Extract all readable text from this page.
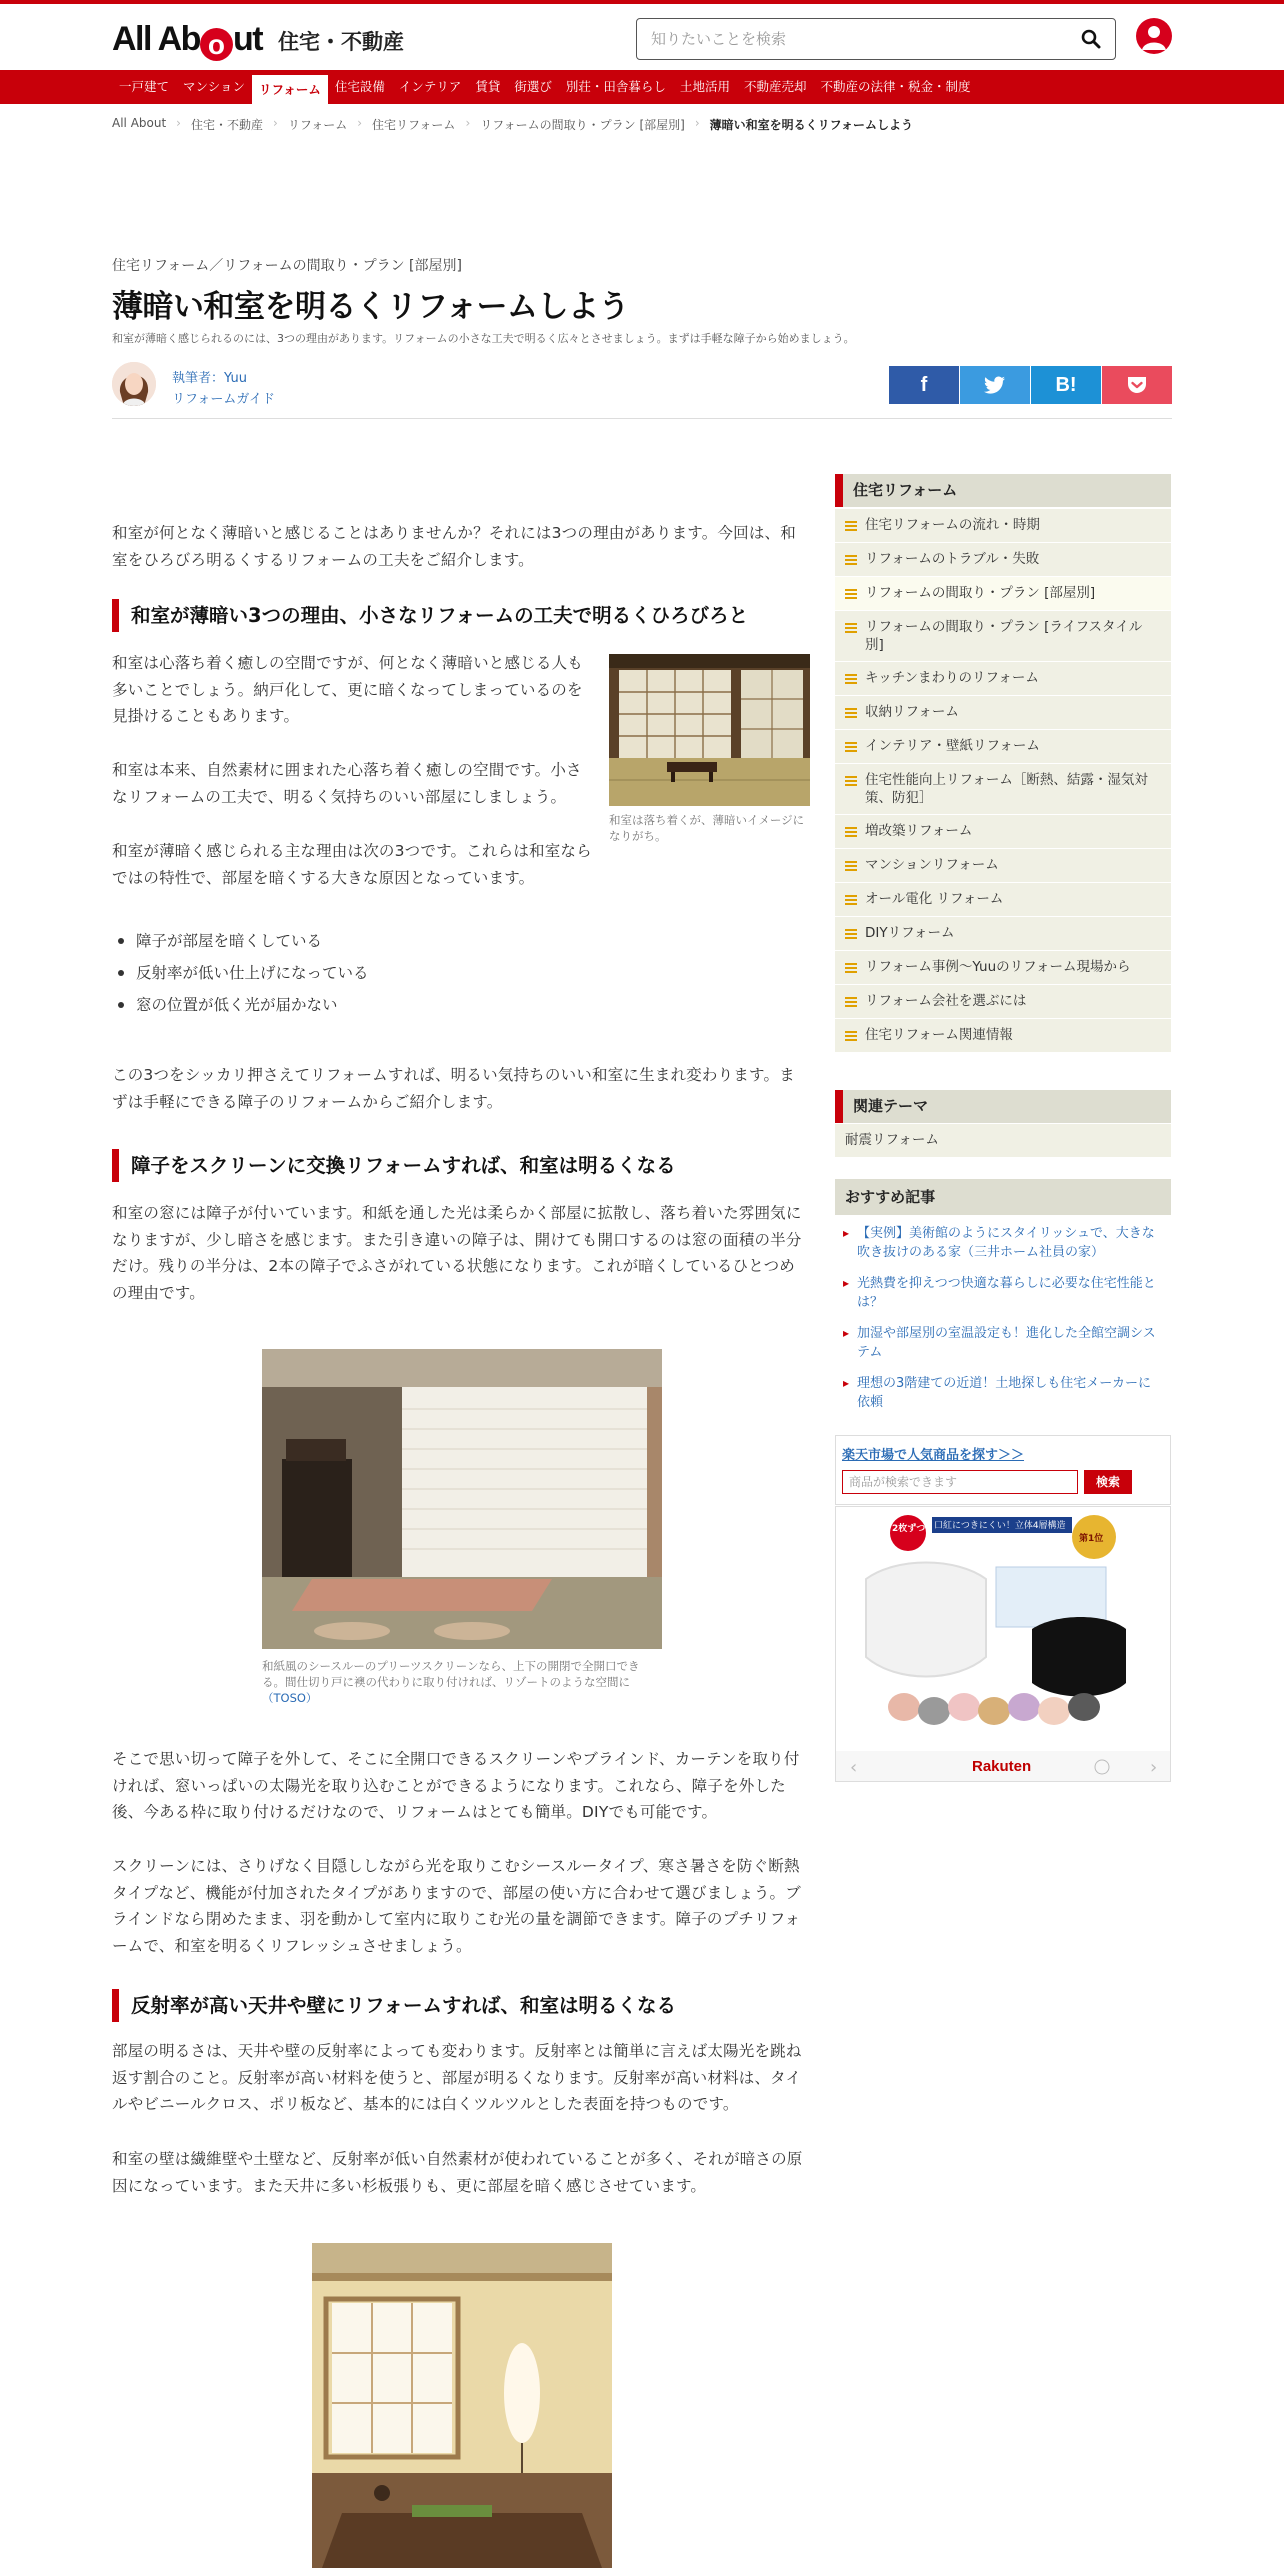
All Ab o ut 住宅・不動産
知りたいことを検索
一戸建て	マンション	リフォーム	住宅設備	インテリア	賃貸	街選び	別荘・田舎暮らし	土地活用	不動産売却	不動産の法律・税金・制度
All About › 住宅・不動産 › リフォーム › 住宅リフォーム › リフォームの間取り・プラン [部屋別] › 薄暗い和室を明るくリフォームしよう
住宅リフォーム／リフォームの間取り・プラン [部屋別]
薄暗い和室を明るくリフォームしよう
和室が薄暗く感じられるのには、3つの理由があります。リフォームの小さな工夫で明るく広々とさせましょう。まずは手軽な障子から始めましょう。
執筆者：Yuu
リフォームガイド
f	B!

和室が何となく薄暗いと感じることはありませんか？それには3つの理由があります。今回は、和室をひろびろ明るくするリフォームの工夫をご紹介します。

和室が薄暗い3つの理由、小さなリフォームの工夫で明るくひろびろと

和室は心落ち着く癒しの空間ですが、何となく薄暗いと感じる人も多いことでしょう。納戸化して、更に暗くなってしまっているのを見掛けることもあります。

和室は本来、自然素材に囲まれた心落ち着く癒しの空間です。小さなリフォームの工夫で、明るく気持ちのいい部屋にしましょう。

和室が薄暗く感じられる主な理由は次の3つです。これらは和室ならではの特性で、部屋を暗くする大きな原因となっています。

和室は落ち着くが、薄暗いイメージになりがち。
障子が部屋を暗くしている
反射率が低い仕上げになっている
窓の位置が低く光が届かない

この3つをシッカリ押さえてリフォームすれば、明るい気持ちのいい和室に生まれ変わります。まずは手軽にできる障子のリフォームからご紹介します。

障子をスクリーンに交換リフォームすれば、和室は明るくなる

和室の窓には障子が付いています。和紙を通した光は柔らかく部屋に拡散し、落ち着いた雰囲気になりますが、少し暗さを感じます。また引き違いの障子は、開けても開口するのは窓の面積の半分だけ。残りの半分は、2本の障子でふさがれている状態になります。これが暗くしているひとつめの理由です。

和紙風のシースルーのプリーツスクリーンなら、上下の開閉で全開口できる。間仕切り戸に襖の代わりに取り付ければ、リゾートのような空間に（TOSO）

そこで思い切って障子を外して、そこに全開口できるスクリーンやブラインド、カーテンを取り付ければ、窓いっぱいの太陽光を取り込むことができるようになります。これなら、障子を外した後、今ある枠に取り付けるだけなので、リフォームはとても簡単。DIYでも可能です。

スクリーンには、さりげなく目隠ししながら光を取りこむシースルータイプ、寒さ暑さを防ぐ断熱タイプなど、機能が付加されたタイプがありますので、部屋の使い方に合わせて選びましょう。ブラインドなら閉めたまま、羽を動かして室内に取りこむ光の量を調節できます。障子のプチリフォームで、和室を明るくリフレッシュさせましょう。

反射率が高い天井や壁にリフォームすれば、和室は明るくなる

部屋の明るさは、天井や壁の反射率によっても変わります。反射率とは簡単に言えば太陽光を跳ね返す割合のこと。反射率が高い材料を使うと、部屋が明るくなります。反射率が高い材料は、タイルやビニールクロス、ポリ板など、基本的には白くツルツルとした表面を持つものです。

和室の壁は繊維壁や土壁など、反射率が低い自然素材が使われていることが多く、それが暗さの原因になっています。また天井に多い杉板張りも、更に部屋を暗く感じさせています。

住宅リフォーム
住宅リフォームの流れ・時期
リフォームのトラブル・失敗
リフォームの間取り・プラン [部屋別]
リフォームの間取り・プラン [ライフスタイル別]
キッチンまわりのリフォーム
収納リフォーム
インテリア・壁紙リフォーム
住宅性能向上リフォーム［断熱、結露・湿気対策、防犯］
増改築リフォーム
マンションリフォーム
オール電化 リフォーム
DIYリフォーム
リフォーム事例～Yuuのリフォーム現場から
リフォーム会社を選ぶには
住宅リフォーム関連情報
関連テーマ
耐震リフォーム
おすすめ記事
▸ 【実例】美術館のようにスタイリッシュで、大きな吹き抜けのある家（三井ホーム社員の家）
▸ 光熱費を抑えつつ快適な暮らしに必要な住宅性能とは？
▸ 加湿や部屋別の室温設定も！進化した全館空調システム
▸ 理想の3階建ての近道！土地探しも住宅メーカーに依頼
楽天市場で人気商品を探す＞＞
商品が検索できます
検索
‹	›
2枚ずつ 口紅につきにくい！立体4層構造
第1位
Rakuten
